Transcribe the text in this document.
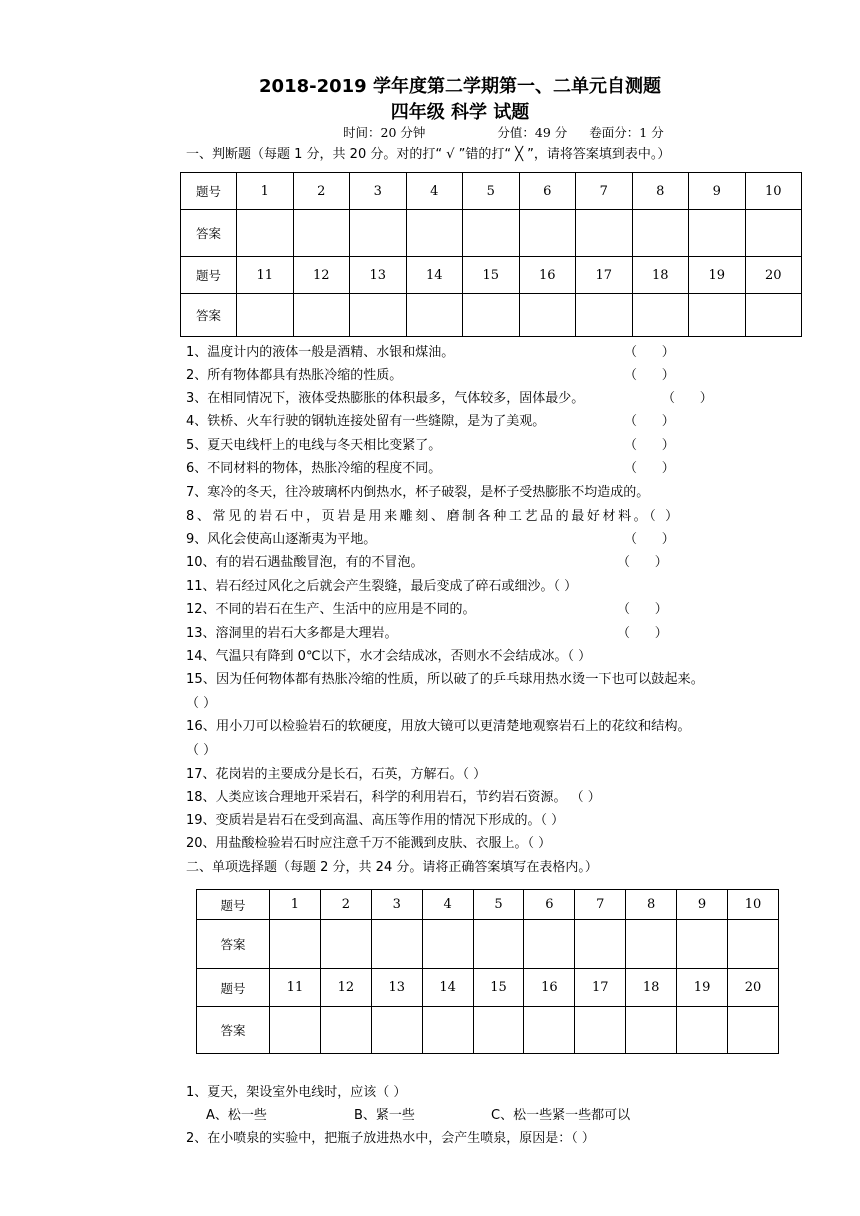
2018-2019 学年度第二学期第一、二单元自测题
四年级 科学 试题
时间：20 分钟	分值：49 分 卷面分：1 分
一、判断题（每题 1 分，共 20 分。对的打“ √ ”错的打“ ╳ ”，请将答案填到表中。）
题号	1	2	3	4	5	6	7	8	9	10
答案										
题号	11	12	13	14	15	16	17	18	19	20
答案										
1、温度计内的液体一般是酒精、水银和煤油。	（      ）
2、所有物体都具有热胀冷缩的性质。	（      ）
3、在相同情况下，液体受热膨胀的体积最多，气体较多，固体最少。	（      ）
4、铁桥、火车行驶的钢轨连接处留有一些缝隙，是为了美观。	（      ）
5、夏天电线杆上的电线与冬天相比变紧了。	（      ）
6、不同材料的物体，热胀冷缩的程度不同。	（      ）
7、寒冷的冬天，往冷玻璃杯内倒热水，杯子破裂，是杯子受热膨胀不均造成的。
8、常见的岩石中，页岩是用来雕刻、磨制各种工艺品的最好材料。（ ）
9、风化会使高山逐渐夷为平地。	（      ）
10、有的岩石遇盐酸冒泡，有的不冒泡。	（      ）
11、岩石经过风化之后就会产生裂缝，最后变成了碎石或细沙。（ ）
12、不同的岩石在生产、生活中的应用是不同的。	（      ）
13、溶洞里的岩石大多都是大理岩。	（      ）
14、气温只有降到 0℃以下，水才会结成冰，否则水不会结成冰。（ ）
15、因为任何物体都有热胀冷缩的性质，所以破了的乒乓球用热水烫一下也可以鼓起来。
（ ）
16、用小刀可以检验岩石的软硬度，用放大镜可以更清楚地观察岩石上的花纹和结构。
（ ）
17、花岗岩的主要成分是长石，石英，方解石。（ ）
18、人类应该合理地开采岩石，科学的利用岩石，节约岩石资源。 （ ）
19、变质岩是岩石在受到高温、高压等作用的情况下形成的。（ ）
20、用盐酸检验岩石时应注意千万不能溅到皮肤、衣服上。（ ）
二、单项选择题（每题 2 分，共 24 分。请将正确答案填写在表格内。）
题号	1	2	3	4	5	6	7	8	9	10
答案										
题号	11	12	13	14	15	16	17	18	19	20
答案										
1、夏天，架设室外电线时，应该（ ）
A、松一些	B、紧一些	C、松一些紧一些都可以
2、在小喷泉的实验中，把瓶子放进热水中，会产生喷泉，原因是：（ ）
